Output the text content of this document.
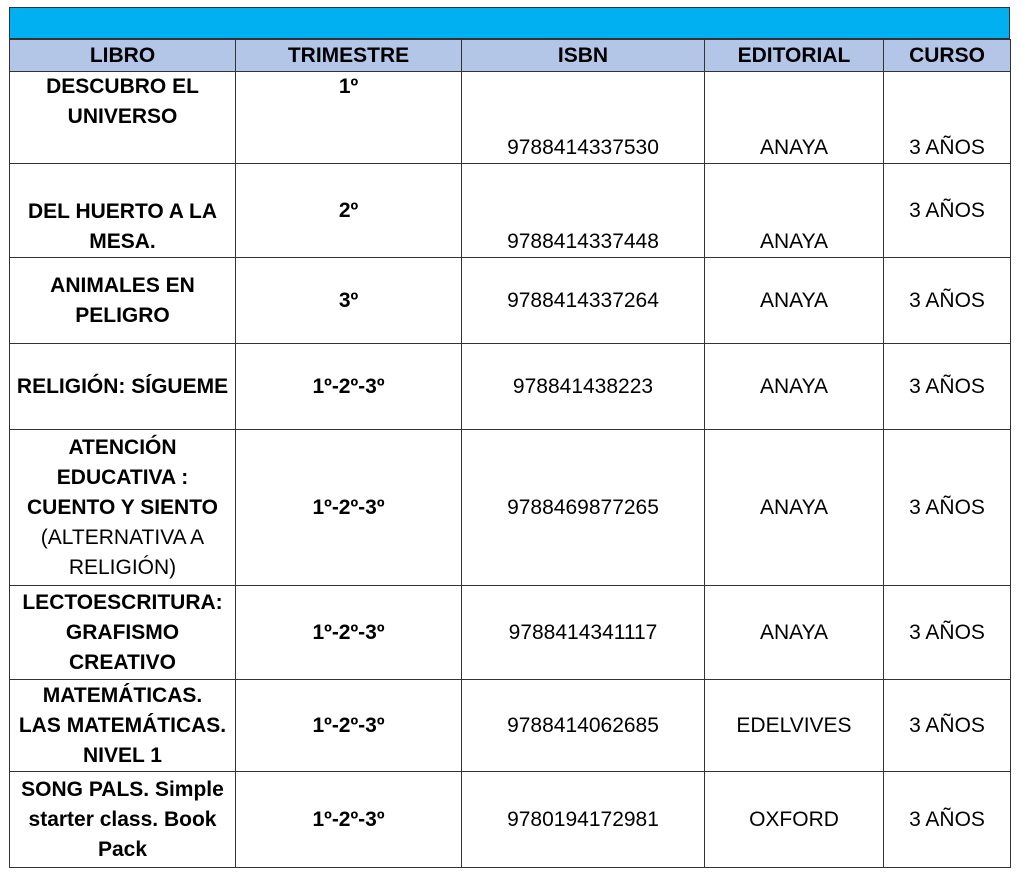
LIBRO	TRIMESTRE	ISBN	EDITORIAL	CURSO

DESCUBRO EL
UNIVERSO	1º	9788414337530	ANAYA	3 AÑOS

DEL HUERTO A LA
MESA.	2º	9788414337448	ANAYA	3 AÑOS

ANIMALES EN
PELIGRO	3º	9788414337264	ANAYA	3 AÑOS

RELIGIÓN: SÍGUEME	1º-2º-3º	978841438223	ANAYA	3 AÑOS

ATENCIÓN
EDUCATIVA :
CUENTO Y SIENTO
(ALTERNATIVA A
RELIGIÓN)	1º-2º-3º	9788469877265	ANAYA	3 AÑOS

LECTOESCRITURA:
GRAFISMO
CREATIVO	1º-2º-3º	9788414341117	ANAYA	3 AÑOS

MATEMÁTICAS.
LAS MATEMÁTICAS.
NIVEL 1	1º-2º-3º	9788414062685	EDELVIVES	3 AÑOS

SONG PALS. Simple
starter class. Book
Pack	1º-2º-3º	9780194172981	OXFORD	3 AÑOS
